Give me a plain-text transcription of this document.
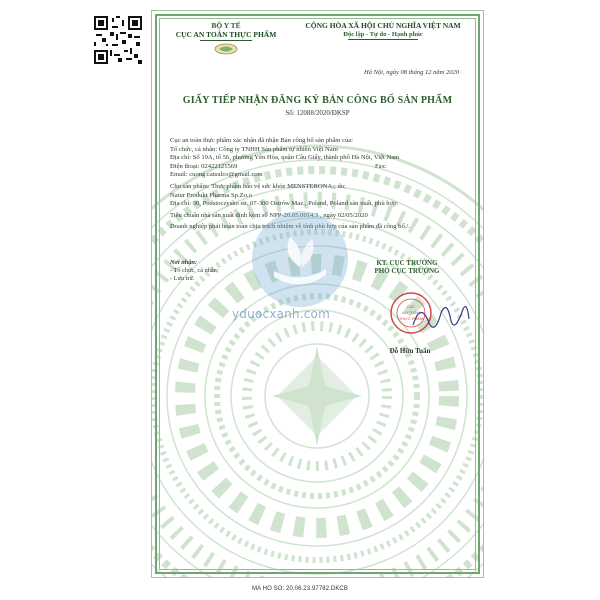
BỘ Y TẾ
CỤC AN TOÀN THỰC PHẨM
CỘNG HÒA XÃ HỘI CHỦ NGHĨA VIỆT NAM
Độc lập - Tự do - Hạnh phúc
Hà Nội, ngày 08 tháng 12 năm 2020
GIẤY TIẾP NHẬN ĐĂNG KÝ BẢN CÔNG BỐ SẢN PHẨM
Số: 12088/2020/ĐKSP
Cục an toàn thực phẩm xác nhận đã nhận Bản công bố sản phẩm của:
Tổ chức, cá nhân: Công ty TNHH Sản phẩm tự nhiên Việt Nam
Địa chỉ: Số 19A, tổ 56, phường Yên Hòa, quận Cầu Giấy, thành phố Hà Nội, Việt Nam
Điện thoại: 02422121569	Fax:
Email: cuong.catsulco@gmail.com
Cho sản phẩm: Thực phẩm bảo vệ sức khỏe MENSTERONA;; do:
Natur Produkt Pharma Sp.Zo.o
Địa chỉ: 30, Podstoczysko str. 07-300 Ostrów Maz., Poland, Poland sản xuất, phù hợp:
Tiêu chuẩn nhà sản xuất đính kèm số NPP-20.05.0014.3 , ngày 02/05/2020
Doanh nghiệp phải hoàn toàn chịu trách nhiệm về tính phù hợp của sản phẩm đã công bố./.
Nơi nhận:
- Tổ chức, cá nhân;
- Lưu trữ.
KT. CỤC TRƯỞNG
PHÓ CỤC TRƯỞNG
yduocxanh.com
CỤC
AN TOÀN
THỰC PHẨM
Đỗ Hữu Tuấn
MA HO SO: 20.06.23.97782.DKCB
